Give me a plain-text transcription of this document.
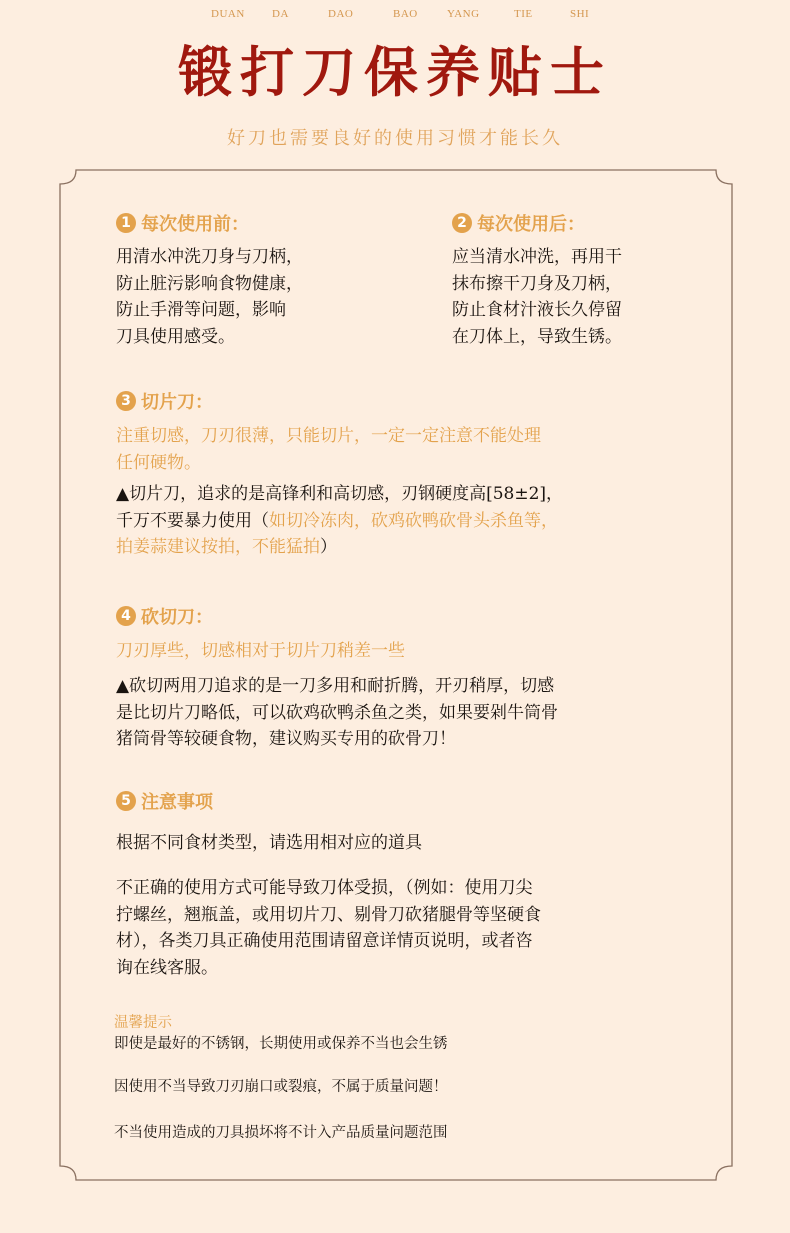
DUAN DA	DAO	BAO	YANG	TIE	SHI
锻打刀保养贴士
好刀也需要良好的使用习惯才能长久
1 每次使用前：
用清水冲洗刀身与刀柄，
防止脏污影响食物健康，
防止手滑等问题，影响
刀具使用感受。
2 每次使用后：
应当清水冲洗，再用干
抹布擦干刀身及刀柄，
防止食材汁液长久停留
在刀体上，导致生锈。
3 切片刀：
注重切感，刀刃很薄，只能切片，一定一定注意不能处理
任何硬物。
▲切片刀，追求的是高锋利和高切感，刃钢硬度高[58±2]，
千万不要暴力使用（如切冷冻肉，砍鸡砍鸭砍骨头杀鱼等，
拍姜蒜建议按拍，不能猛拍）
4 砍切刀：
刀刃厚些，切感相对于切片刀稍差一些
▲砍切两用刀追求的是一刀多用和耐折腾，开刃稍厚，切感
是比切片刀略低，可以砍鸡砍鸭杀鱼之类，如果要剁牛筒骨
猪筒骨等较硬食物，建议购买专用的砍骨刀！
5 注意事项
根据不同食材类型，请选用相对应的道具
不正确的使用方式可能导致刀体受损，（例如：使用刀尖
拧螺丝，翘瓶盖，或用切片刀、剔骨刀砍猪腿骨等坚硬食
材），各类刀具正确使用范围请留意详情页说明，或者咨
询在线客服。
温馨提示
即使是最好的不锈钢，长期使用或保养不当也会生锈
因使用不当导致刀刃崩口或裂痕，不属于质量问题！
不当使用造成的刀具损坏将不计入产品质量问题范围
